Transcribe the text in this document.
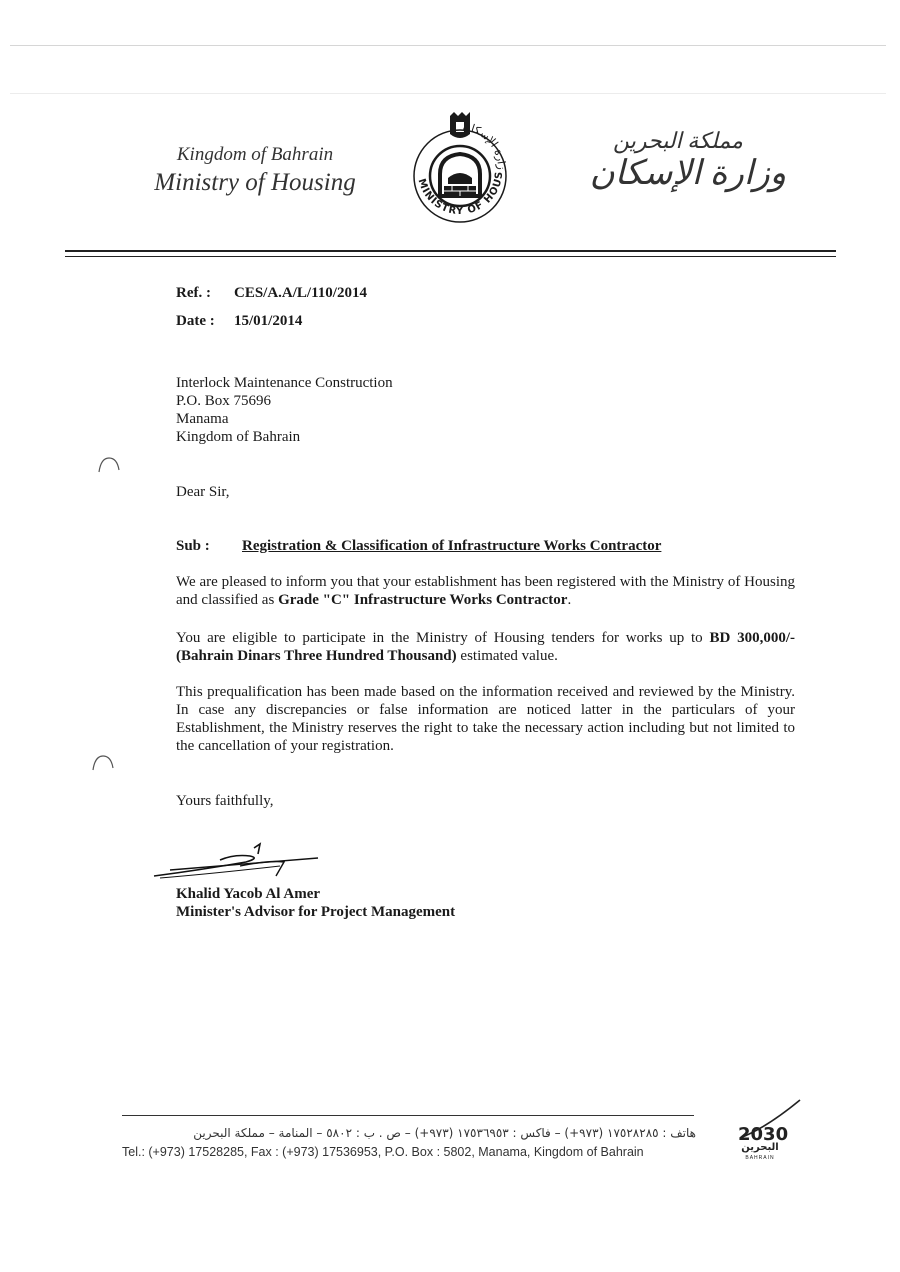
Kingdom of Bahrain
Ministry of Housing	MINISTRY OF HOUS
زارة الإسكان	مملكة البحرين
وزارة الإسكان
Ref. : CES/A.A/L/110/2014
Date : 15/01/2014
Interlock Maintenance Construction
P.O. Box 75696
Manama
Kingdom of Bahrain
Dear Sir,
Sub : Registration & Classification of Infrastructure Works Contractor
We are pleased to inform you that your establishment has been registered with the Ministry of Housing and classified as Grade "C" Infrastructure Works Contractor.
You are eligible to participate in the Ministry of Housing tenders for works up to BD 300,000/- (Bahrain Dinars Three Hundred Thousand) estimated value.
This prequalification has been made based on the information received and reviewed by the Ministry. In case any discrepancies or false information are noticed latter in the particulars of your Establishment, the Ministry reserves the right to take the necessary action including but not limited to the cancellation of your registration.
Yours faithfully,
Khalid Yacob Al Amer
Minister's Advisor for Project Management
هاتف : ١٧٥٢٨٢٨٥ (٩٧٣+) – فاكس : ١٧٥٣٦٩٥٣ (٩٧٣+) – ص . ب : ٥٨٠٢ – المنامة – مملكة البحرين
Tel.: (+973) 17528285, Fax : (+973) 17536953, P.O. Box : 5802, Manama, Kingdom of Bahrain
2030
البحرين
BAHRAIN
